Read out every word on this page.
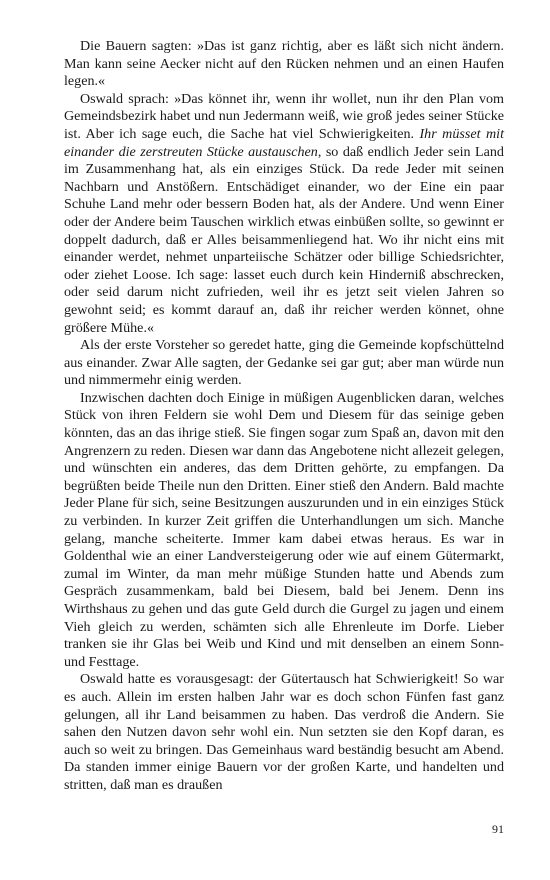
Die Bauern sagten: »Das ist ganz richtig, aber es läßt sich nicht ändern. Man kann seine Aecker nicht auf den Rücken nehmen und an einen Haufen legen.«

Oswald sprach: »Das könnet ihr, wenn ihr wollet, nun ihr den Plan vom Gemeindsbezirk habet und nun Jedermann weiß, wie groß jedes seiner Stücke ist. Aber ich sage euch, die Sache hat viel Schwierigkeiten. Ihr müsset mit einander die zerstreuten Stücke austauschen, so daß endlich Jeder sein Land im Zusammenhang hat, als ein einziges Stück. Da rede Jeder mit seinen Nachbarn und Anstößern. Entschädiget einander, wo der Eine ein paar Schuhe Land mehr oder bessern Boden hat, als der Andere. Und wenn Einer oder der Andere beim Tauschen wirklich etwas einbüßen sollte, so gewinnt er doppelt dadurch, daß er Alles beisammenliegend hat. Wo ihr nicht eins mit einander werdet, nehmet unparteiische Schätzer oder billige Schiedsrichter, oder ziehet Loose. Ich sage: lasset euch durch kein Hinderniß abschrecken, oder seid darum nicht zufrieden, weil ihr es jetzt seit vielen Jahren so gewohnt seid; es kommt darauf an, daß ihr reicher werden könnet, ohne größere Mühe.«

Als der erste Vorsteher so geredet hatte, ging die Gemeinde kopfschüttelnd aus einander. Zwar Alle sagten, der Gedanke sei gar gut; aber man würde nun und nimmermehr einig werden.

Inzwischen dachten doch Einige in müßigen Augenblicken daran, welches Stück von ihren Feldern sie wohl Dem und Diesem für das seinige geben könnten, das an das ihrige stieß. Sie fingen sogar zum Spaß an, davon mit den Angrenzern zu reden. Diesen war dann das Angebotene nicht allezeit gelegen, und wünschten ein anderes, das dem Dritten gehörte, zu empfangen. Da begrüßten beide Theile nun den Dritten. Einer stieß den Andern. Bald machte Jeder Plane für sich, seine Besitzungen auszurunden und in ein einziges Stück zu verbinden. In kurzer Zeit griffen die Unterhandlungen um sich. Manche gelang, manche scheiterte. Immer kam dabei etwas heraus. Es war in Goldenthal wie an einer Landversteigerung oder wie auf einem Gütermarkt, zumal im Winter, da man mehr müßige Stunden hatte und Abends zum Gespräch zusammenkam, bald bei Diesem, bald bei Jenem. Denn ins Wirthshaus zu gehen und das gute Geld durch die Gurgel zu jagen und einem Vieh gleich zu werden, schämten sich alle Ehrenleute im Dorfe. Lieber tranken sie ihr Glas bei Weib und Kind und mit denselben an einem Sonn- und Festtage.

Oswald hatte es vorausgesagt: der Gütertausch hat Schwierigkeit! So war es auch. Allein im ersten halben Jahr war es doch schon Fünfen fast ganz gelungen, all ihr Land beisammen zu haben. Das verdroß die Andern. Sie sahen den Nutzen davon sehr wohl ein. Nun setzten sie den Kopf daran, es auch so weit zu bringen. Das Gemeinhaus ward beständig besucht am Abend. Da standen immer einige Bauern vor der großen Karte, und handelten und stritten, daß man es draußen

91
